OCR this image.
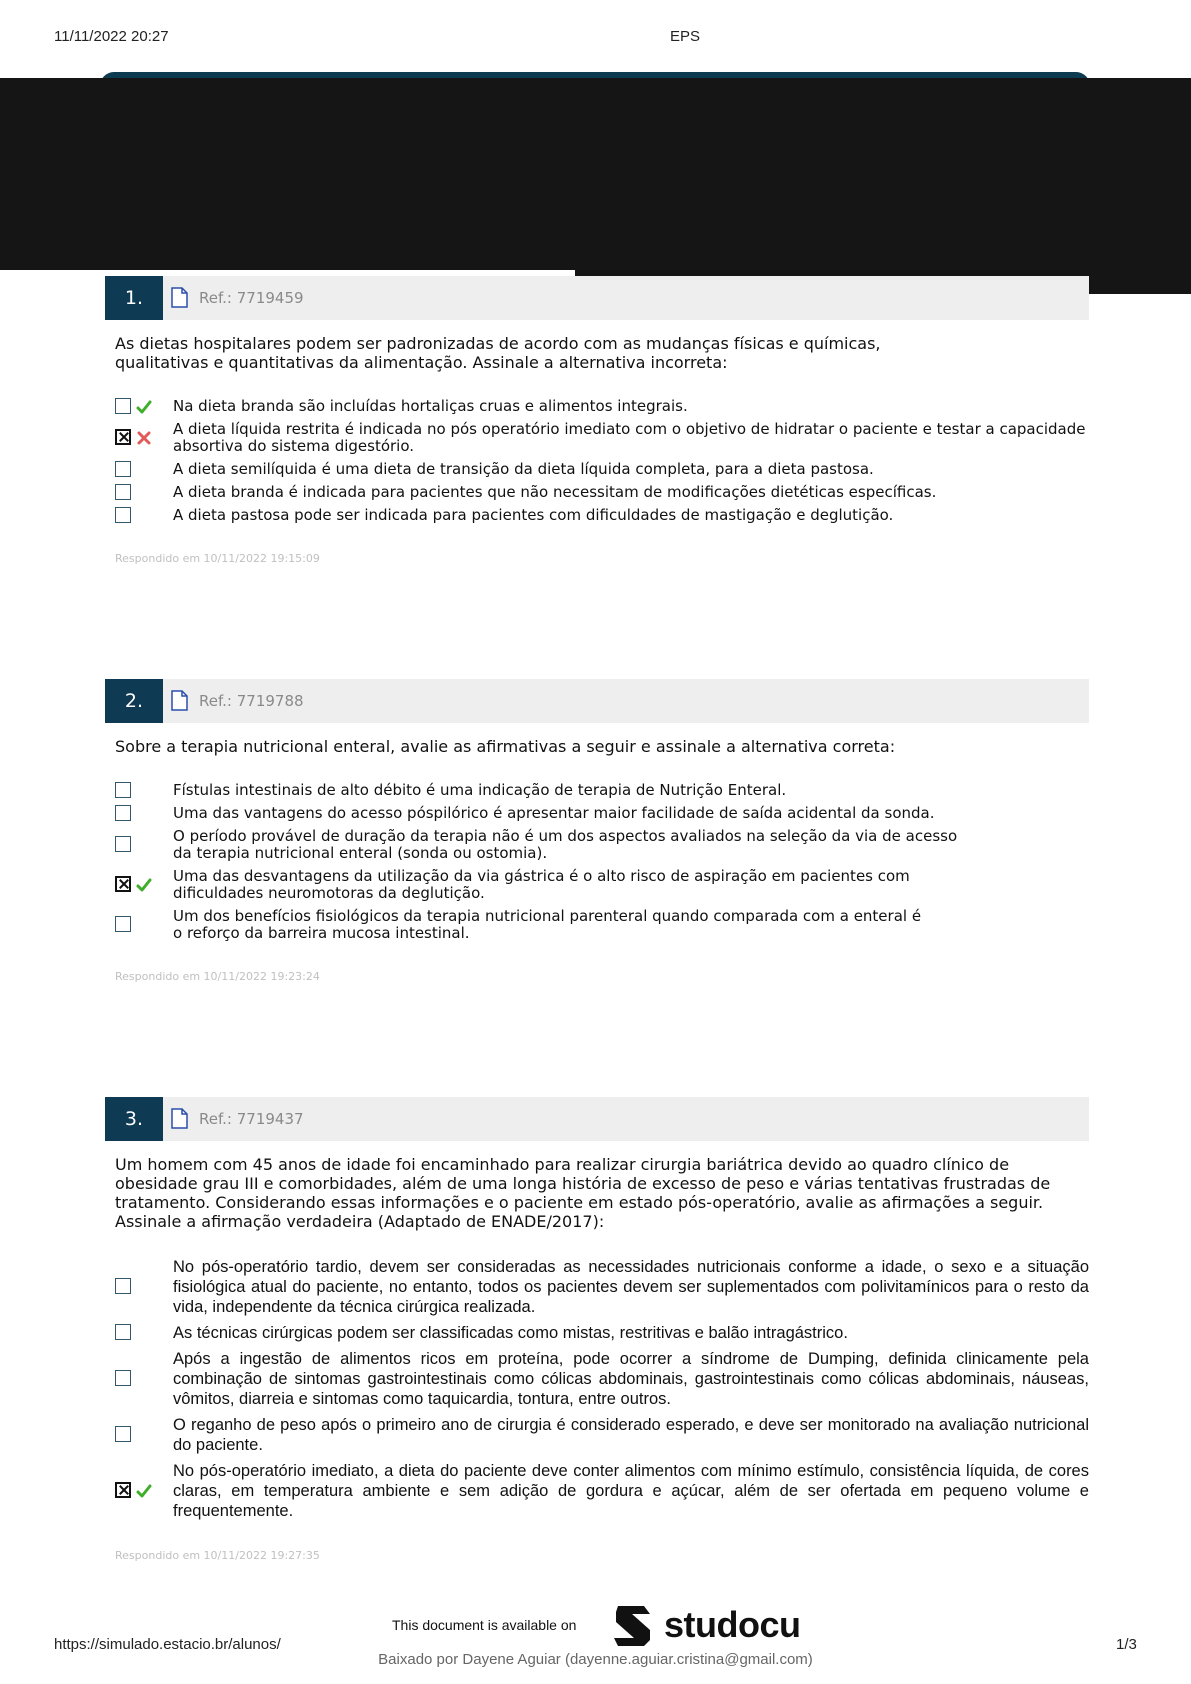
11/11/2022 20:27	EPS
1.	Ref.: 7719459
As dietas hospitalares podem ser padronizadas de acordo com as mudanças físicas e químicas,
qualitativas e quantitativas da alimentação. Assinale a alternativa incorreta:
Na dieta branda são incluídas hortaliças cruas e alimentos integrais.
A dieta líquida restrita é indicada no pós operatório imediato com o objetivo de hidratar o paciente e testar a capacidade
absortiva do sistema digestório.
A dieta semilíquida é uma dieta de transição da dieta líquida completa, para a dieta pastosa.
A dieta branda é indicada para pacientes que não necessitam de modificações dietéticas específicas.
A dieta pastosa pode ser indicada para pacientes com dificuldades de mastigação e deglutição.
Respondido em 10/11/2022 19:15:09
2.	Ref.: 7719788
Sobre a terapia nutricional enteral, avalie as afirmativas a seguir e assinale a alternativa correta:
Fístulas intestinais de alto débito é uma indicação de terapia de Nutrição Enteral.
Uma das vantagens do acesso póspilórico é apresentar maior facilidade de saída acidental da sonda.
O período provável de duração da terapia não é um dos aspectos avaliados na seleção da via de acesso
da terapia nutricional enteral (sonda ou ostomia).
Uma das desvantagens da utilização da via gástrica é o alto risco de aspiração em pacientes com
dificuldades neuromotoras da deglutição.
Um dos benefícios fisiológicos da terapia nutricional parenteral quando comparada com a enteral é
o reforço da barreira mucosa intestinal.
Respondido em 10/11/2022 19:23:24
3.	Ref.: 7719437
Um homem com 45 anos de idade foi encaminhado para realizar cirurgia bariátrica devido ao quadro clínico de
obesidade grau III e comorbidades, além de uma longa história de excesso de peso e várias tentativas frustradas de
tratamento. Considerando essas informações e o paciente em estado pós-operatório, avalie as afirmações a seguir.
Assinale a afirmação verdadeira (Adaptado de ENADE/2017):
No pós-operatório tardio, devem ser consideradas as necessidades nutricionais conforme a idade, o sexo e a situação fisiológica atual do paciente, no entanto, todos os pacientes devem ser suplementados com polivitamínicos para o resto da vida, independente da técnica cirúrgica realizada.
As técnicas cirúrgicas podem ser classificadas como mistas, restritivas e balão intragástrico.
Após a ingestão de alimentos ricos em proteína, pode ocorrer a síndrome de Dumping, definida clinicamente pela combinação de sintomas gastrointestinais como cólicas abdominais, gastrointestinais como cólicas abdominais, náuseas, vômitos, diarreia e sintomas como taquicardia, tontura, entre outros.
O reganho de peso após o primeiro ano de cirurgia é considerado esperado, e deve ser monitorado na avaliação nutricional do paciente.
No pós-operatório imediato, a dieta do paciente deve conter alimentos com mínimo estímulo, consistência líquida, de cores claras, em temperatura ambiente e sem adição de gordura e açúcar, além de ser ofertada em pequeno volume e frequentemente.
Respondido em 10/11/2022 19:27:35
This document is available on studocu
https://simulado.estacio.br/alunos/	1/3
Baixado por Dayene Aguiar (dayenne.aguiar.cristina@gmail.com)
